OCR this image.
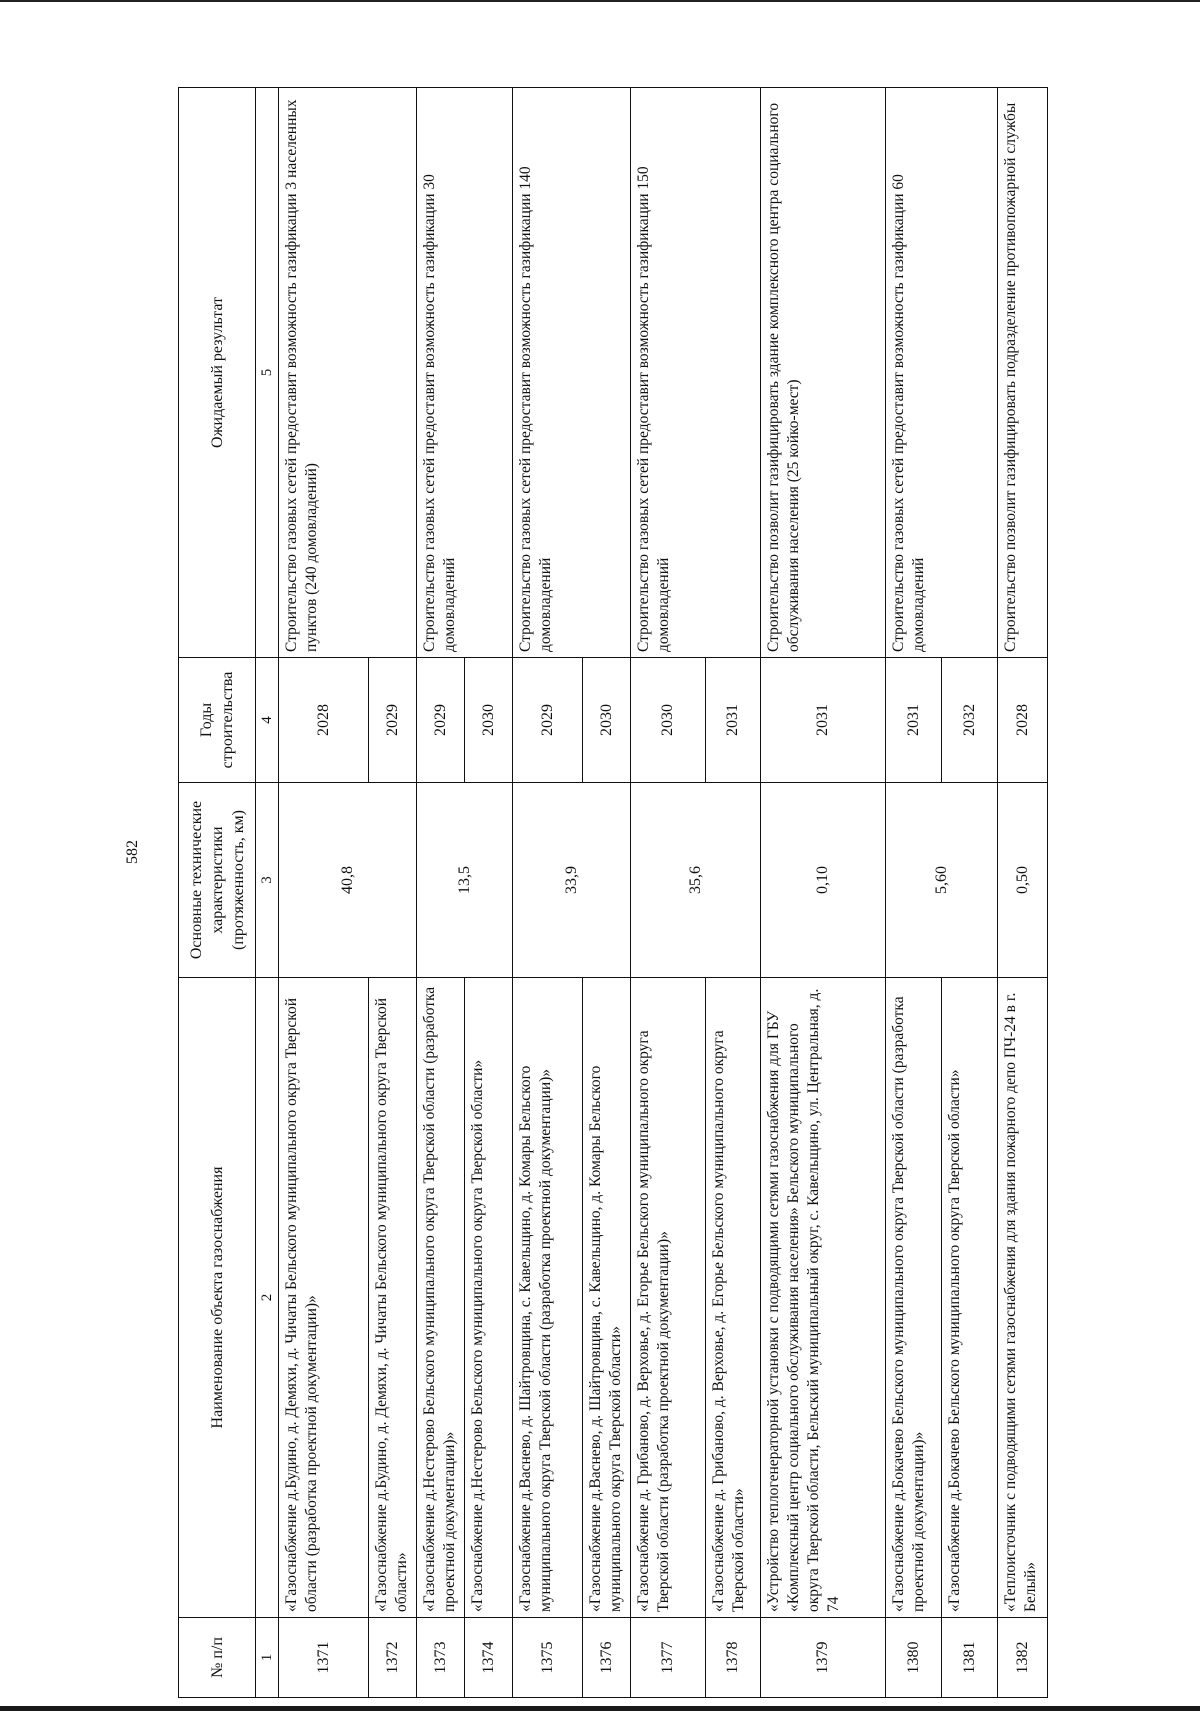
582
№ п/п	Наименование объекта газоснабжения	Основные технические характеристики (протяженность, км)	Годы строительства	Ожидаемый результат
1	2	3	4	5
1371	«Газоснабжение д.Будино, д. Демяхи, д. Чичаты Бельского муниципального округа Тверской области (разработка проектной документации)»	40,8	2028	Строительство газовых сетей предоставит возможность газификации 3 населенных пунктов (240 домовладений)
1372	«Газоснабжение д.Будино, д. Демяхи, д. Чичаты Бельского муниципального округа Тверской области»		2029	
1373	«Газоснабжение д.Нестерово Бельского муниципального округа Тверской области (разработка проектной документации)»	13,5	2029	Строительство газовых сетей предоставит возможность газификации 30 домовладений
1374	«Газоснабжение д.Нестерово Бельского муниципального округа Тверской области»		2030	
1375	«Газоснабжение д.Васнево, д. Шайтровщина, с. Кавельщино, д. Комары Бельского муниципального округа Тверской области (разработка проектной документации)»	33,9	2029	Строительство газовых сетей предоставит возможность газификации 140 домовладений
1376	«Газоснабжение д.Васнево, д. Шайтровщина, с. Кавельщино, д. Комары Бельского муниципального округа Тверской области»		2030	
1377	«Газоснабжение д. Грибаново, д. Верховье, д. Егорье Бельского муниципального округа Тверской области (разработка проектной документации)»	35,6	2030	Строительство газовых сетей предоставит возможность газификации 150 домовладений
1378	«Газоснабжение д. Грибаново, д. Верховье, д. Егорье Бельского муниципального округа Тверской области»		2031	
1379	«Устройство теплогенераторной установки с подводящими сетями газоснабжения для ГБУ «Комплексный центр социального обслуживания населения» Бельского муниципального округа Тверской области, Бельский муниципальный округ, с. Кавельщино, ул. Центральная, д. 74	0,10	2031	Строительство позволит газифицировать здание комплексного центра социального обслуживания населения (25 койко-мест)
1380	«Газоснабжение д.Бокачево Бельского муниципального округа Тверской области (разработка проектной документации)»	5,60	2031	Строительство газовых сетей предоставит возможность газификации 60 домовладений
1381	«Газоснабжение д.Бокачево Бельского муниципального округа Тверской области»		2032	
1382	«Теплоисточник с подводящими сетями газоснабжения для здания пожарного депо ПЧ-24 в г. Белый»	0,50	2028	Строительство позволит газифицировать подразделение противопожарной службы
